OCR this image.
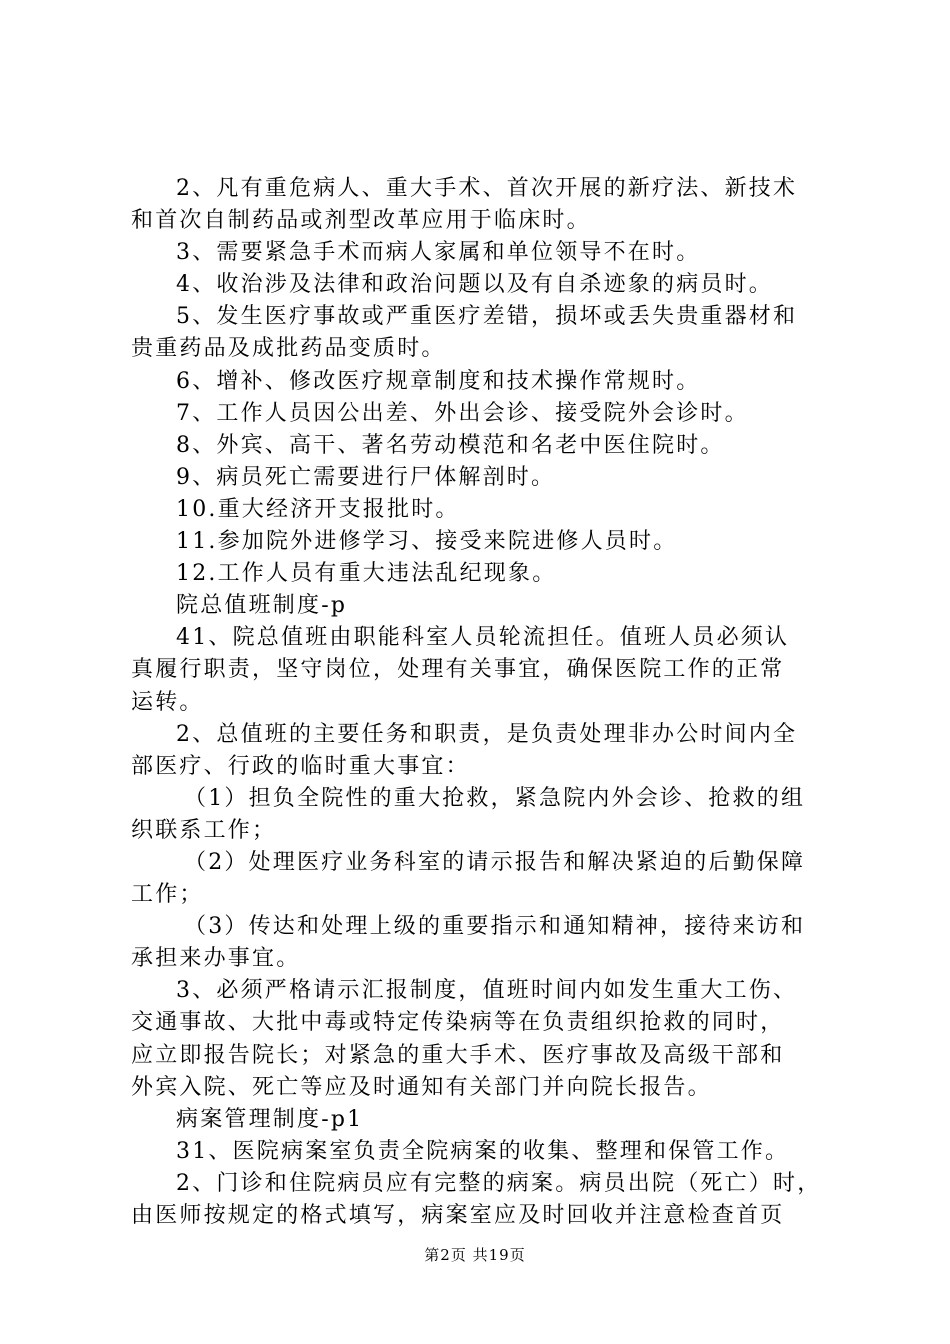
2、凡有重危病人、重大手术、首次开展的新疗法、新技术
和首次自制药品或剂型改革应用于临床时。
3、需要紧急手术而病人家属和单位领导不在时。
4、收治涉及法律和政治问题以及有自杀迹象的病员时。
5、发生医疗事故或严重医疗差错，损坏或丢失贵重器材和
贵重药品及成批药品变质时。
6、增补、修改医疗规章制度和技术操作常规时。
7、工作人员因公出差、外出会诊、接受院外会诊时。
8、外宾、高干、著名劳动模范和名老中医住院时。
9、病员死亡需要进行尸体解剖时。
10.重大经济开支报批时。
11.参加院外进修学习、接受来院进修人员时。
12.工作人员有重大违法乱纪现象。
院总值班制度-p
41、院总值班由职能科室人员轮流担任。值班人员必须认
真履行职责，坚守岗位，处理有关事宜，确保医院工作的正常
运转。
2、总值班的主要任务和职责，是负责处理非办公时间内全
部医疗、行政的临时重大事宜：
（1）担负全院性的重大抢救，紧急院内外会诊、抢救的组
织联系工作；
（2）处理医疗业务科室的请示报告和解决紧迫的后勤保障
工作；
（3）传达和处理上级的重要指示和通知精神，接待来访和
承担来办事宜。
3、必须严格请示汇报制度，值班时间内如发生重大工伤、
交通事故、大批中毒或特定传染病等在负责组织抢救的同时，
应立即报告院长；对紧急的重大手术、医疗事故及高级干部和
外宾入院、死亡等应及时通知有关部门并向院长报告。
病案管理制度-p1
31、医院病案室负责全院病案的收集、整理和保管工作。
2、门诊和住院病员应有完整的病案。病员出院（死亡）时，
由医师按规定的格式填写，病案室应及时回收并注意检查首页
第2页 共19页
